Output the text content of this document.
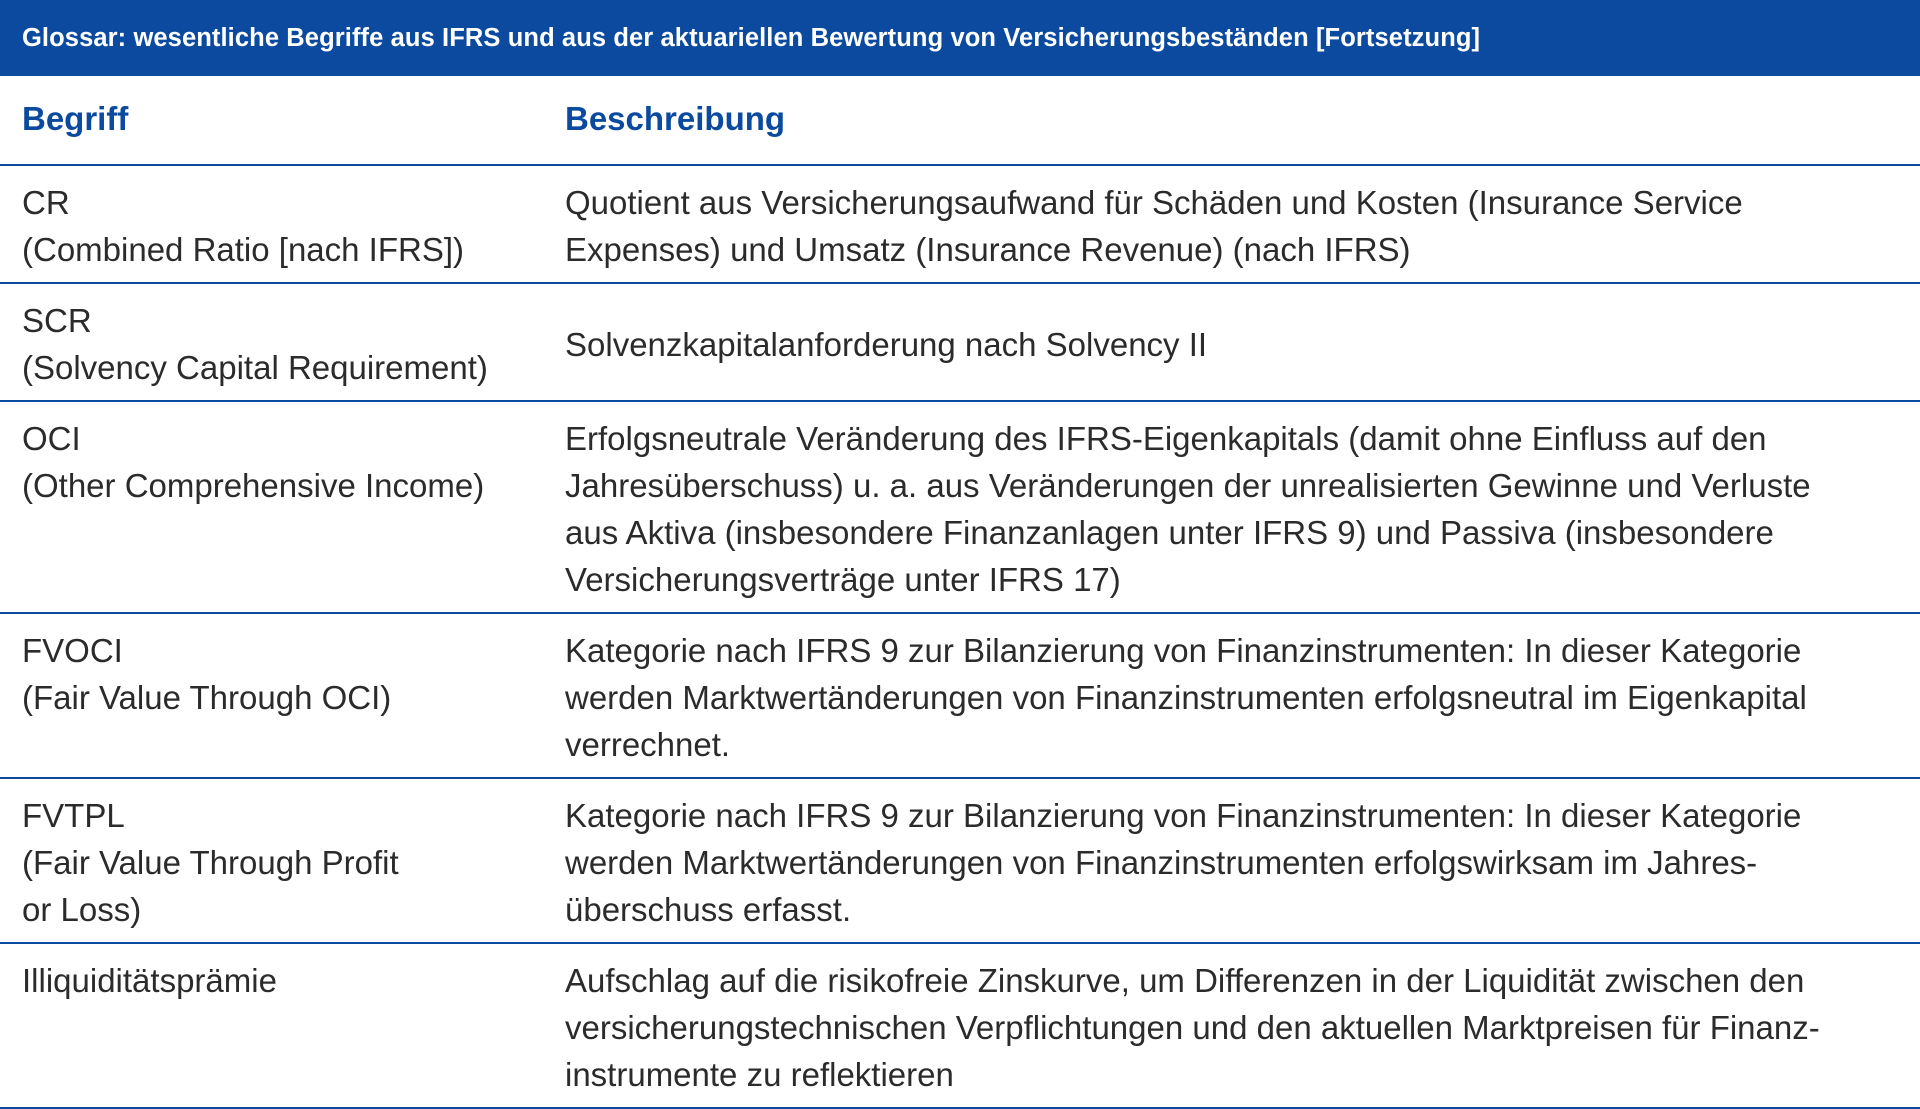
Glossar: wesentliche Begriffe aus IFRS und aus der aktuariellen Bewertung von Versicherungsbeständen [Fortsetzung]
Begriff	Beschreibung

CR
(Combined Ratio [nach IFRS])	Quotient aus Versicherungsaufwand für Schäden und Kosten (Insurance Service
Expenses) und Umsatz (Insurance Revenue) (nach IFRS)

SCR
(Solvency Capital Requirement)	Solvenzkapitalanforderung nach Solvency II

OCI
(Other Comprehensive Income)	Erfolgsneutrale Veränderung des IFRS-Eigenkapitals (damit ohne Einfluss auf den
Jahresüberschuss) u. a. aus Veränderungen der unrealisierten Gewinne und Verluste
aus Aktiva (insbesondere Finanzanlagen unter IFRS 9) und Passiva (insbesondere
Versicherungsverträge unter IFRS 17)

FVOCI
(Fair Value Through OCI)	Kategorie nach IFRS 9 zur Bilanzierung von Finanzinstrumenten: In dieser Kategorie
werden Marktwertänderungen von Finanzinstrumenten erfolgsneutral im Eigenkapital
verrechnet.

FVTPL
(Fair Value Through Profit
or Loss)	Kategorie nach IFRS 9 zur Bilanzierung von Finanzinstrumenten: In dieser Kategorie
werden Marktwertänderungen von Finanzinstrumenten erfolgswirksam im Jahres-
überschuss erfasst.

Illiquiditätsprämie	Aufschlag auf die risikofreie Zinskurve, um Differenzen in der Liquidität zwischen den
versicherungstechnischen Verpflichtungen und den aktuellen Marktpreisen für Finanz-
instrumente zu reflektieren
